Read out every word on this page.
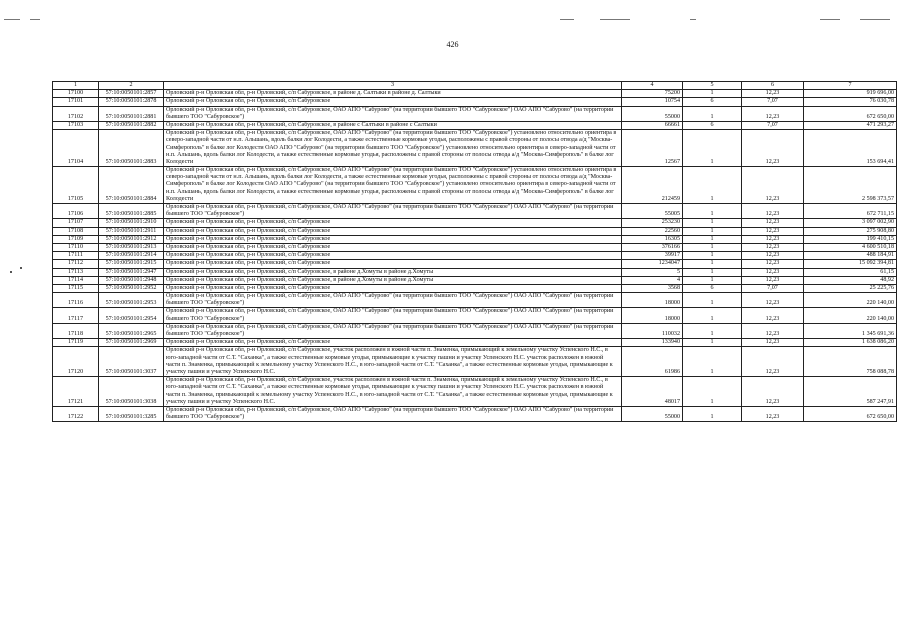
426
1	2	3	4	5	6	7
17100	57:10:0050101:2857	Орловский р-н Орловская обл, р-н Орловский, с/п Сабуровское, в районе д. Салтыки в районе д. Салтыки	75200	1	12,23	919 696,00
17101	57:10:0050101:2878	Орловский р-н Орловская обл, р-н Орловский, с/п Сабуровское	10754	6	7,07	76 030,78
17102	57:10:0050101:2881	Орловский р-н Орловская обл, р-н Орловский, с/п Сабуровское, ОАО АПО "Сабурово" (на территории бывшего ТОО "Сабуровское") ОАО АПО "Сабурово" (на территории бывшего ТОО "Сабуровское")	55000	1	12,23	672 650,00
17103	57:10:0050101:2882	Орловский р-н Орловская обл, р-н Орловский, с/п Сабуровское, в районе с Салтыки в районе с Салтыки	66661	6	7,07	471 293,27
17104	57:10:0050101:2883	Орловский р-н Орловская обл, р-н Орловский, с/п Сабуровское, ОАО АПО "Сабурово" (на территории бывшего ТОО "Сабуровское") установлено относительно ориентира в северо-западной части от н.п. Альшань, вдоль балки лог Колодести, а также естественные кормовые угодья, расположены с правой стороны от полосы отвода а/д "Москва-Симферополь" в балке лог Колодести ОАО АПО "Сабурово" (на территории бывшего ТОО "Сабуровское") установлено относительно ориентира в северо-западной части от н.п. Альшань, вдоль балки лог Колодести, а также естественные кормовые угодья, расположены с правой стороны от полосы отвода а/д "Москва-Симферополь" в балке лог Колодести	12567	1	12,23	153 694,41
17105	57:10:0050101:2884	Орловский р-н Орловская обл, р-н Орловский, с/п Сабуровское, ОАО АПО "Сабурово" (на территории бывшего ТОО "Сабуровское") установлено относительно ориентира в северо-западной части от н.п. Альшань, вдоль балки лог Колодести, а также естественные кормовые угодья, расположены с правой стороны от полосы отвода а/д "Москва-Симферополь" в балке лог Колодести ОАО АПО "Сабурово" (на территории бывшего ТОО "Сабуровское") установлено относительно ориентира в северо-западной части от н.п. Альшань, вдоль балки лог Колодести, а также естественные кормовые угодья, расположены с правой стороны от полосы отвода а/д "Москва-Симферополь" в балке лог Колодести	212459	1	12,23	2 598 373,57
17106	57:10:0050101:2885	Орловский р-н Орловская обл, р-н Орловский, с/п Сабуровское, ОАО АПО "Сабурово" (на территории бывшего ТОО "Сабуровское") ОАО АПО "Сабурово" (на территории бывшего ТОО "Сабуровское")	55005	1	12,23	672 711,15
17107	57:10:0050101:2910	Орловский р-н Орловская обл, р-н Орловский, с/п Сабуровское	253230	1	12,23	3 097 002,90
17108	57:10:0050101:2911	Орловский р-н Орловская обл, р-н Орловский, с/п Сабуровское	22560	1	12,23	275 908,80
17109	57:10:0050101:2912	Орловский р-н Орловская обл, р-н Орловский, с/п Сабуровское	16305	1	12,23	199 410,15
17110	57:10:0050101:2913	Орловский р-н Орловская обл, р-н Орловский, с/п Сабуровское	376166	1	12,23	4 600 510,18
17111	57:10:0050101:2914	Орловский р-н Орловская обл, р-н Орловский, с/п Сабуровское	39917	1	12,23	488 184,91
17112	57:10:0050101:2915	Орловский р-н Орловская обл, р-н Орловский, с/п Сабуровское	1234047	1	12,23	15 092 394,81
17113	57:10:0050101:2947	Орловский р-н Орловская обл, р-н Орловский, с/п Сабуровское, в районе д.Хомуты в районе д.Хомуты	5	1	12,23	61,15
17114	57:10:0050101:2948	Орловский р-н Орловская обл, р-н Орловский, с/п Сабуровское, в районе д.Хомуты в районе д.Хомуты	4	1	12,23	48,92
17115	57:10:0050101:2952	Орловский р-н Орловская обл, р-н Орловский, с/п Сабуровское	3568	6	7,07	25 225,76
17116	57:10:0050101:2953	Орловский р-н Орловская обл, р-н Орловский, с/п Сабуровское, ОАО АПО "Сабурово" (на территории бывшего ТОО "Сабуровское") ОАО АПО "Сабурово" (на территории бывшего ТОО "Сабуровское")	18000	1	12,23	220 140,00
17117	57:10:0050101:2954	Орловский р-н Орловская обл, р-н Орловский, с/п Сабуровское, ОАО АПО "Сабурово" (на территории бывшего ТОО "Сабуровское") ОАО АПО "Сабурово" (на территории бывшего ТОО "Сабуровское")	18000	1	12,23	220 140,00
17118	57:10:0050101:2965	Орловский р-н Орловская обл, р-н Орловский, с/п Сабуровское, ОАО АПО "Сабурово" (на территории бывшего ТОО "Сабуровское") ОАО АПО "Сабурово" (на территории бывшего ТОО "Сабуровское")	110032	1	12,23	1 345 691,36
17119	57:10:0050101:2969	Орловский р-н Орловская обл, р-н Орловский, с/п Сабуровское	133940	1	12,23	1 638 086,20
17120	57:10:0050101:3037	Орловский р-н Орловская обл, р-н Орловский, с/п Сабуровское, участок расположен в южной части п. Знаменка, примыкающий к земельному участку Успенского Н.С., в юго-западной части от С.Т. "Саханка", а также естественные кормовые угодья, примыкающие к участку пашни и участку Успенского Н.С. участок расположен в южной части п. Знаменка, примыкающий к земельному участку Успенского Н.С., в юго-западной части от С.Т. "Саханка", а также естественные кормовые угодья, примыкающие к участку пашни и участку Успенского Н.С.	61986	1	12,23	758 088,78
17121	57:10:0050101:3038	Орловский р-н Орловская обл, р-н Орловский, с/п Сабуровское, участок расположен в южной части п. Знаменка, примыкающий к земельному участку Успенского Н.С., в юго-западной части от С.Т. "Саханка", а также естественные кормовые угодья, примыкающие к участку пашни и участку Успенского Н.С. участок расположен в южной части п. Знаменка, примыкающий к земельному участку Успенского Н.С., в юго-западной части от С.Т. "Саханка", а также естественные кормовые угодья, примыкающие к участку пашни и участку Успенского Н.С.	48017	1	12,23	587 247,91
17122	57:10:0050101:3285	Орловский р-н Орловская обл, р-н Орловский, с/п Сабуровское, ОАО АПО "Сабурово" (на территории бывшего ТОО "Сабуровское") ОАО АПО "Сабурово" (на территории бывшего ТОО "Сабуровское")	55000	1	12,23	672 650,00
